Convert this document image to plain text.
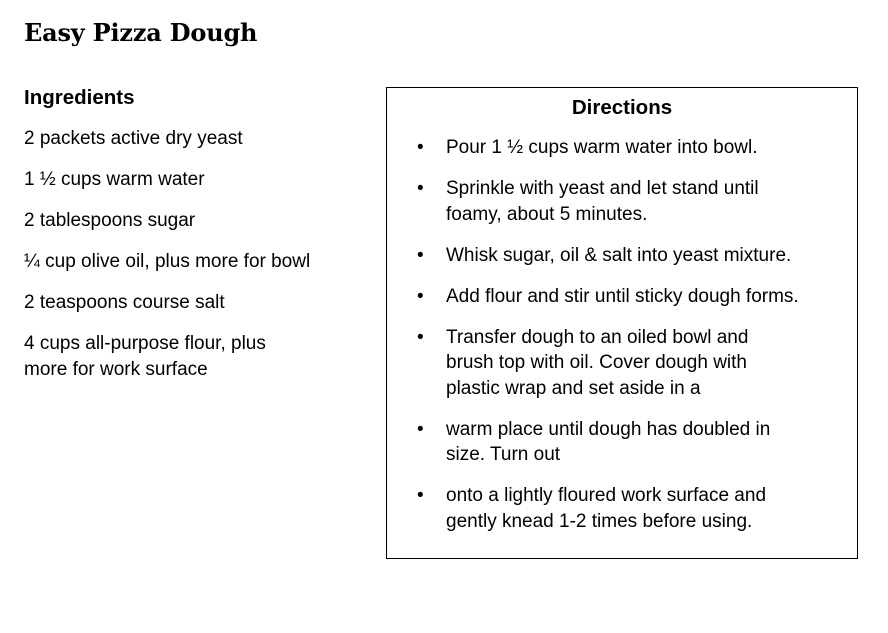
Easy Pizza Dough
Ingredients
2 packets active dry yeast
1 ½ cups warm water
2 tablespoons sugar
¼ cup olive oil, plus more for bowl
2 teaspoons course salt
4 cups all-purpose flour, plus more for work surface
Directions
• Pour 1 ½ cups warm water into bowl.
• Sprinkle with yeast and let stand until foamy, about 5 minutes.
• Whisk sugar, oil & salt into yeast mixture.
• Add flour and stir until sticky dough forms.
• Transfer dough to an oiled bowl and brush top with oil. Cover dough with plastic wrap and set aside in a
• warm place until dough has doubled in size. Turn out
• onto a lightly floured work surface and gently knead 1-2 times before using.
